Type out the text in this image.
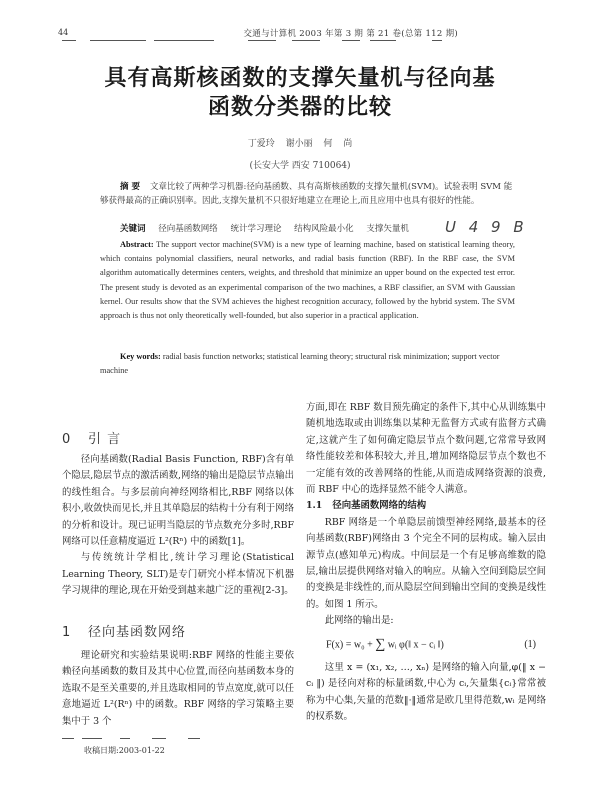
44	交通与计算机 2003 年第 3 期 第 21 卷(总第 112 期)
具有高斯核函数的支撑矢量机与径向基
函数分类器的比较
丁爱玲 谢小丽 何 尚
(长安大学 西安 710064)
摘 要 文章比较了两种学习机器:径向基函数、具有高斯核函数的支撑矢量机(SVM)。试验表明 SVM 能够获得最高的正确识别率。因此,支撑矢量机不只很好地建立在理论上,而且应用中也具有很好的性能。
关键词 径向基函数网络 统计学习理论 结构风险最小化 支撑矢量机	U 4 9 B
Abstract: The support vector machine(SVM) is a new type of learning machine, based on statistical learning theory, which contains polynomial classifiers, neural networks, and radial basis function (RBF). In the RBF case, the SVM algorithm automatically determines centers, weights, and threshold that minimize an upper bound on the expected test error. The present study is devoted as an experimental comparison of the two machines, a RBF classifier, an SVM with Gaussian kernel. Our results show that the SVM achieves the highest recognition accuracy, followed by the hybrid system. The SVM approach is thus not only theoretically well-founded, but also superior in a practical application.
Key words: radial basis function networks; statistical learning theory; structural risk minimization; support vector machine
0 引 言

径向基函数(Radial Basis Function, RBF)含有单个隐层,隐层节点的激活函数,网络的输出是隐层节点输出的线性组合。与多层前向神经网络相比,RBF 网络以体积小,收敛快而见长,并且其单隐层的结构十分有利于网络的分析和设计。现已证明当隐层的节点数充分多时,RBF 网络可以任意精度逼近 L²(Rⁿ) 中的函数[1]。

与传统统计学相比,统计学习理论(Statistical Learning Theory, SLT)是专门研究小样本情况下机器学习规律的理论,现在开始受到越来越广泛的重视[2-3]。

1 径向基函数网络

理论研究和实验结果说明:RBF 网络的性能主要依赖径向基函数的数目及其中心位置,而径向基函数本身的选取不是至关重要的,并且选取相同的节点宽度,就可以任意地逼近 L²(Rⁿ) 中的函数。RBF 网络的学习策略主要集中于 3 个

方面,即在 RBF 数目预先确定的条件下,其中心从训练集中随机地选取或由训练集以某种无监督方式或有监督方式确定,这就产生了如何确定隐层节点个数问题,它常常导致网络性能较差和体积较大,并且,增加网络隐层节点个数也不一定能有效的改善网络的性能,从而造成网络资源的浪费,而 RBF 中心的选择显然不能令人满意。

1.1 径向基函数网络的结构

RBF 网络是一个单隐层前馈型神经网络,最基本的径向基函数(RBF)网络由 3 个完全不同的层构成。输入层由源节点(感知单元)构成。中间层是一个有足够高维数的隐层,输出层提供网络对输入的响应。从输入空间到隐层空间的变换是非线性的,而从隐层空间到输出空间的变换是线性的。如图 1 所示。

此网络的输出是:

F(x) = w₀ + ∑ wᵢ φ(‖ x − cᵢ ‖)	(1)

这里 x = (x₁, x₂, …, xₙ) 是网络的输入向量,φ(‖ x − cᵢ ‖) 是径向对称的标量函数,中心为 cᵢ,矢量集{cᵢ}常常被称为中心集,矢量的范数‖·‖通常是欧几里得范数,wᵢ 是网络的权系数。

收稿日期:2003-01-22
